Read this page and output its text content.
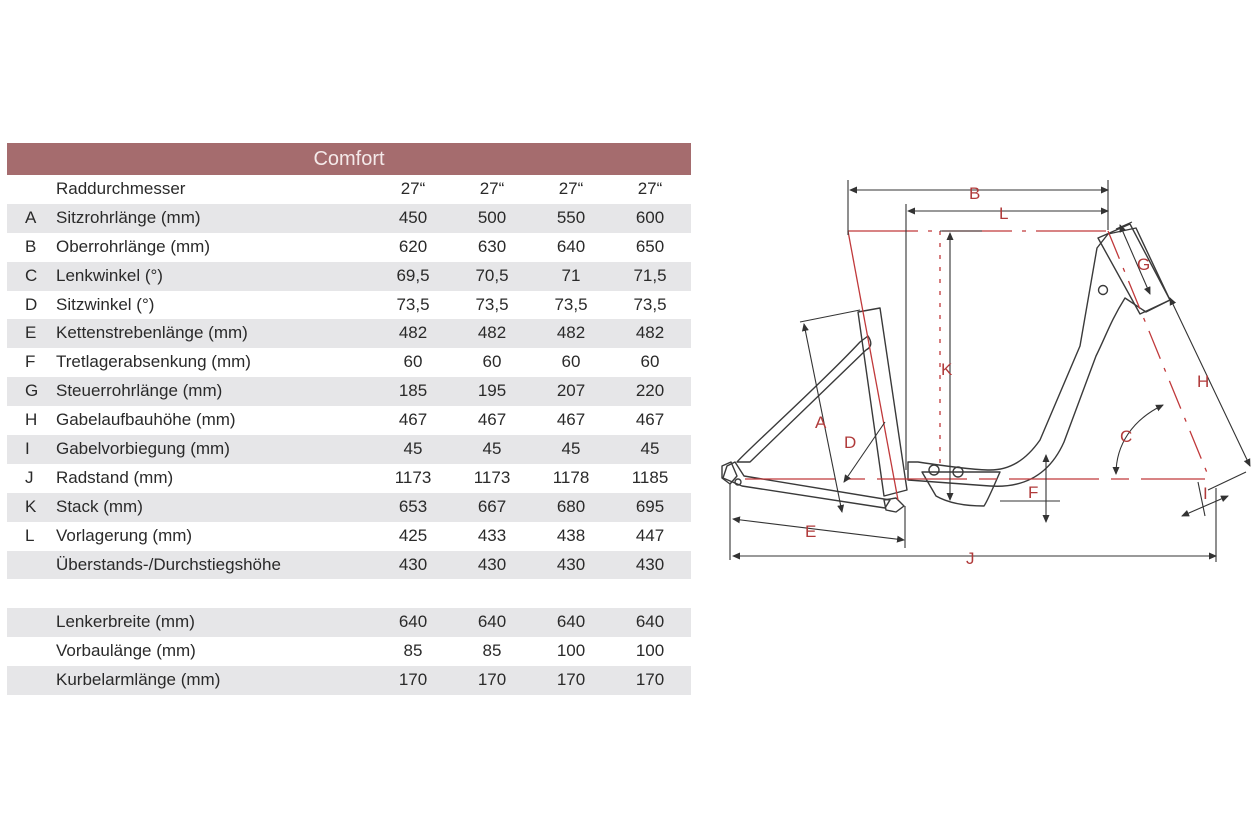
Comfort
Raddurchmesser	27“	27“	27“	27“
A Sitzrohrlänge (mm)	450	500	550	600
B Oberrohrlänge (mm)	620	630	640	650
C Lenkwinkel (°)	69,5	70,5	71	71,5
D Sitzwinkel (°)	73,5	73,5	73,5	73,5
E Kettenstrebenlänge (mm)	482	482	482	482
F Tretlagerabsenkung (mm)	60	60	60	60
G Steuerrohrlänge (mm)	185	195	207	220
H Gabelaufbauhöhe (mm)	467	467	467	467
I Gabelvorbiegung (mm)	45	45	45	45
J Radstand (mm)	1173	1173	1178	1185
K Stack (mm)	653	667	680	695
L Vorlagerung (mm)	425	433	438	447
Überstands-/Durchstiegshöhe	430	430	430	430
Lenkerbreite (mm)	640	640	640	640
Vorbaulänge (mm)	85	85	100	100
Kurbelarmlänge (mm)	170	170	170	170
B
L
G
K
H
A
C
D
F	I
E
J
